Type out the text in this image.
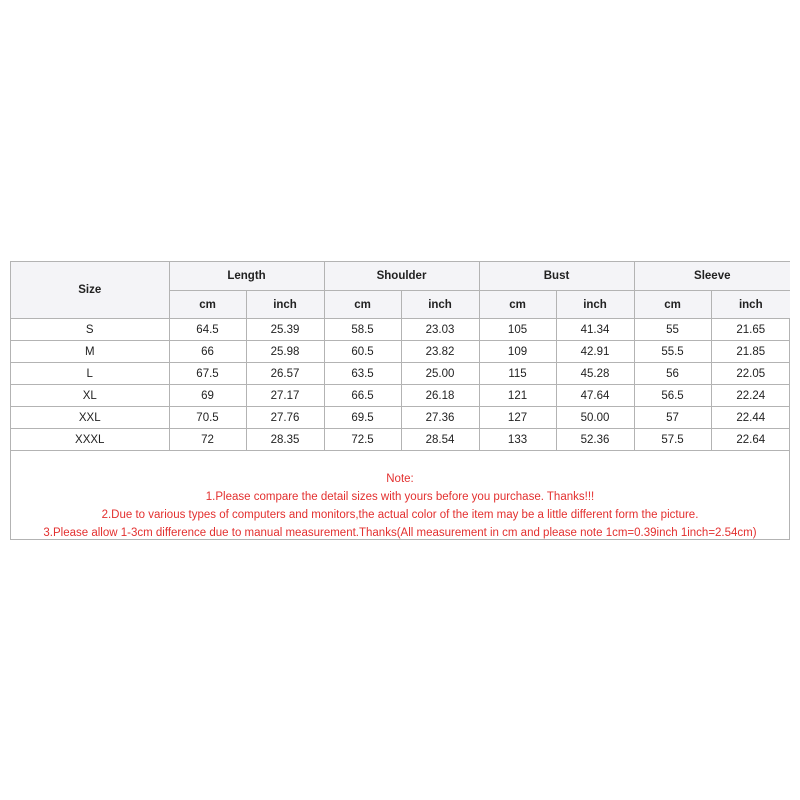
Size	Length		Shoulder		Bust		Sleeve	
	cm	inch	cm	inch	cm	inch	cm	inch
S	64.5	25.39	58.5	23.03	105	41.34	55	21.65
M	66	25.98	60.5	23.82	109	42.91	55.5	21.85
L	67.5	26.57	63.5	25.00	115	45.28	56	22.05
XL	69	27.17	66.5	26.18	121	47.64	56.5	22.24
XXL	70.5	27.76	69.5	27.36	127	50.00	57	22.44
XXXL	72	28.35	72.5	28.54	133	52.36	57.5	22.64
Note:
1.Please compare the detail sizes with yours before you purchase. Thanks!!!
2.Due to various types of computers and monitors,the actual color of the item may be a little different form the picture.
3.Please allow 1-3cm difference due to manual measurement.Thanks(All measurement in cm and please note 1cm=0.39inch 1inch=2.54cm)
